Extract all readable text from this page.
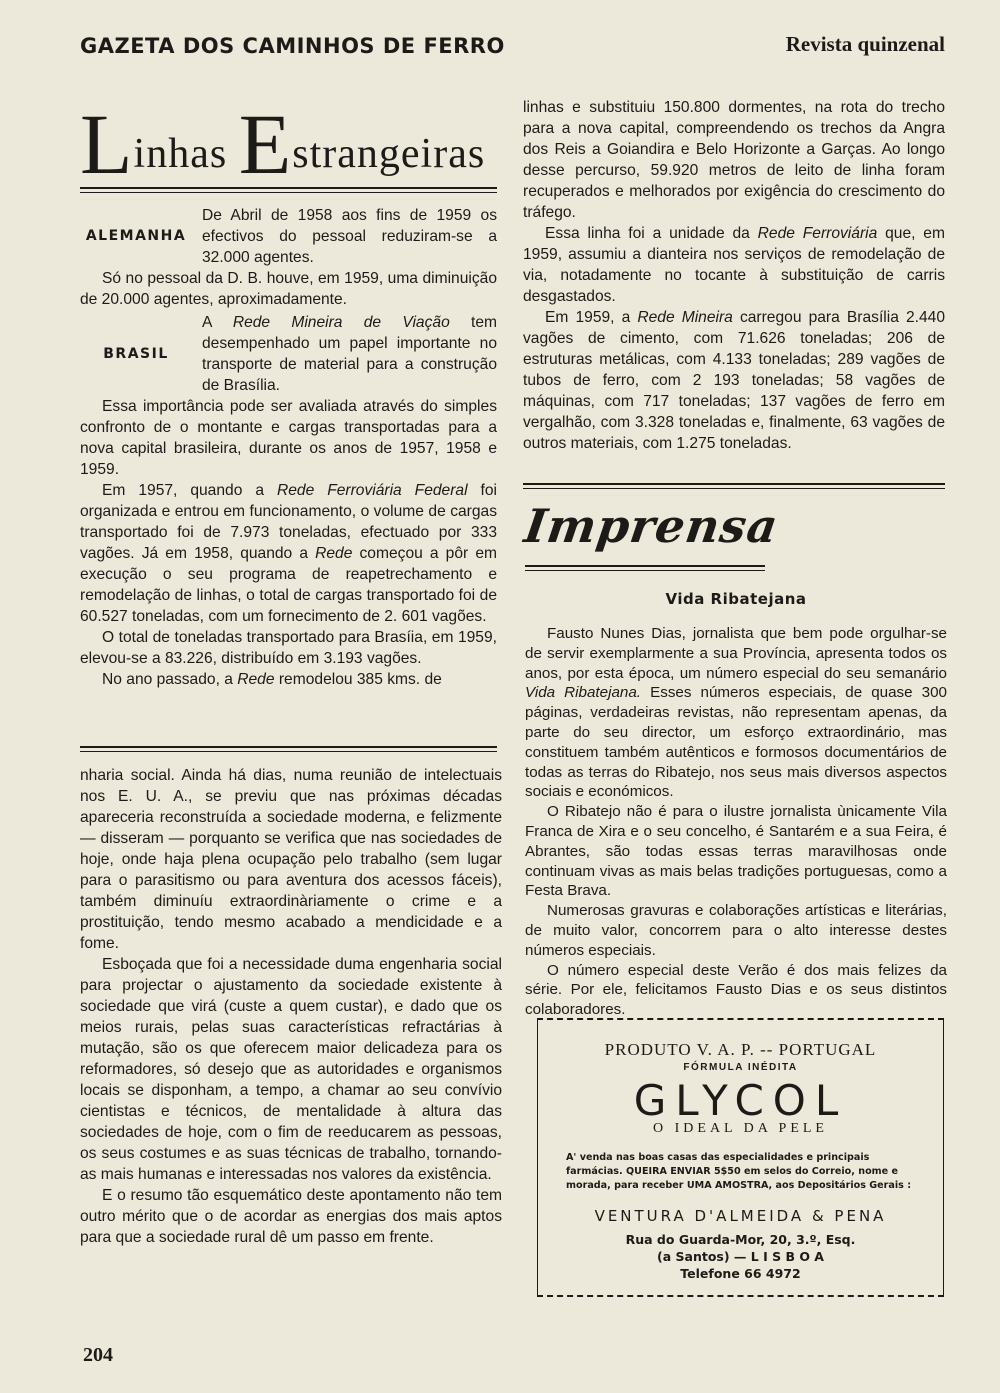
GAZETA DOS CAMINHOS DE FERRO	Revista quinzenal
Linhas Estrangeiras
ALEMANHA
De Abril de 1958 aos fins de 1959 os efectivos do pessoal reduziram-se a 32.000 agentes.

Só no pessoal da D. B. houve, em 1959, uma diminuição de 20.000 agentes, aproximadamente.

BRASIL
A Rede Mineira de Viação tem desempenhado um papel importante no transporte de material para a construção de Brasília.

Essa importância pode ser avaliada através do simples confronto de o montante e cargas transportadas para a nova capital brasileira, durante os anos de 1957, 1958 e 1959.

Em 1957, quando a Rede Ferroviária Federal foi organizada e entrou em funcionamento, o volume de cargas transportado foi de 7.973 toneladas, efectuado por 333 vagões. Já em 1958, quando a Rede começou a pôr em execução o seu programa de reapetrechamento e remodelação de linhas, o total de cargas transportado foi de 60.527 toneladas, com um fornecimento de 2. 601 vagões.

O total de toneladas transportado para Brasíia, em 1959, elevou-se a 83.226, distribuído em 3.193 vagões.

No ano passado, a Rede remodelou 385 kms. de

nharia social. Ainda há dias, numa reunião de intelectuais nos E. U. A., se previu que nas próximas décadas apareceria reconstruída a sociedade moderna, e felizmente — disseram — porquanto se verifica que nas sociedades de hoje, onde haja plena ocupação pelo trabalho (sem lugar para o parasitismo ou para aventura dos acessos fáceis), também diminuíu extraordinàriamente o crime e a prostituição, tendo mesmo acabado a mendicidade e a fome.

Esboçada que foi a necessidade duma engenharia social para projectar o ajustamento da sociedade existente à sociedade que virá (custe a quem custar), e dado que os meios rurais, pelas suas características refractárias à mutação, são os que oferecem maior delicadeza para os reformadores, só desejo que as autoridades e organismos locais se disponham, a tempo, a chamar ao seu convívio cientistas e técnicos, de mentalidade à altura das sociedades de hoje, com o fim de reeducarem as pessoas, os seus costumes e as suas técnicas de trabalho, tornando-as mais humanas e interessadas nos valores da existência.

E o resumo tão esquemático deste apontamento não tem outro mérito que o de acordar as energias dos mais aptos para que a sociedade rural dê um passo em frente.

linhas e substituiu 150.800 dormentes, na rota do trecho para a nova capital, compreendendo os trechos da Angra dos Reis a Goiandira e Belo Horizonte a Garças. Ao longo desse percurso, 59.920 metros de leito de linha foram recuperados e melhorados por exigência do crescimento do tráfego.

Essa linha foi a unidade da Rede Ferroviária que, em 1959, assumiu a dianteira nos serviços de remodelação de via, notadamente no tocante à substituição de carris desgastados.

Em 1959, a Rede Mineira carregou para Brasília 2.440 vagões de cimento, com 71.626 toneladas; 206 de estruturas metálicas, com 4.133 toneladas; 289 vagões de tubos de ferro, com 2 193 toneladas; 58 vagões de máquinas, com 717 toneladas; 137 vagões de ferro em vergalhão, com 3.328 toneladas e, finalmente, 63 vagões de outros materiais, com 1.275 toneladas.

Imprensa
Vida Ribatejana

Fausto Nunes Dias, jornalista que bem pode orgulhar-se de servir exemplarmente a sua Província, apresenta todos os anos, por esta época, um número especial do seu semanário Vida Ribatejana. Esses números especiais, de quase 300 páginas, verdadeiras revistas, não representam apenas, da parte do seu director, um esforço extraordinário, mas constituem também autênticos e formosos documentários de todas as terras do Ribatejo, nos seus mais diversos aspectos sociais e económicos.

O Ribatejo não é para o ilustre jornalista ùnicamente Vila Franca de Xira e o seu concelho, é Santarém e a sua Feira, é Abrantes, são todas essas terras maravilhosas onde continuam vivas as mais belas tradições portuguesas, como a Festa Brava.

Numerosas gravuras e colaborações artísticas e literárias, de muito valor, concorrem para o alto interesse destes números especiais.

O número especial deste Verão é dos mais felizes da série. Por ele, felicitamos Fausto Dias e os seus distintos colaboradores.

PRODUTO V. A. P. -- PORTUGAL
FÓRMULA INÉDITA
GLYCOL
O IDEAL DA PELE
A' venda nas boas casas das especialidades e principais farmácias. QUEIRA ENVIAR 5$50 em selos do Correio, nome e morada, para receber UMA AMOSTRA, aos Depositários Gerais :
VENTURA D'ALMEIDA & PENA
Rua do Guarda-Mor, 20, 3.º, Esq.
(a Santos) — L I S B O A
Telefone 66 4972
204
